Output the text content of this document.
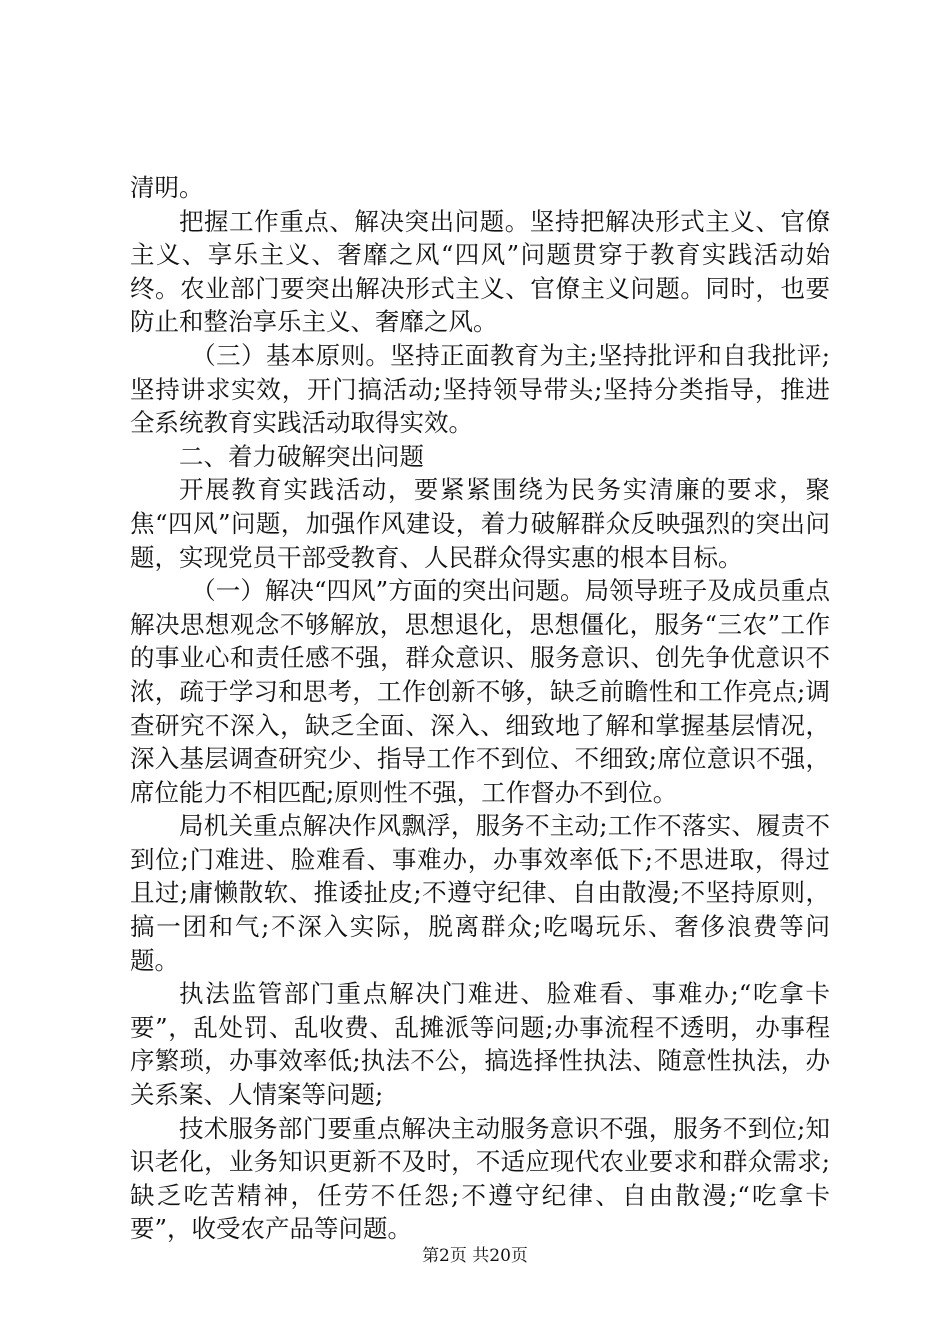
清明。

把握工作重点、解决突出问题。坚持把解决形式主义、官僚主义、享乐主义、奢靡之风“四风”问题贯穿于教育实践活动始终。农业部门要突出解决形式主义、官僚主义问题。同时，也要防止和整治享乐主义、奢靡之风。

（三）基本原则。坚持正面教育为主;坚持批评和自我批评;坚持讲求实效，开门搞活动;坚持领导带头;坚持分类指导，推进全系统教育实践活动取得实效。

二、着力破解突出问题

开展教育实践活动，要紧紧围绕为民务实清廉的要求，聚焦“四风”问题，加强作风建设，着力破解群众反映强烈的突出问题，实现党员干部受教育、人民群众得实惠的根本目标。

（一）解决“四风”方面的突出问题。局领导班子及成员重点解决思想观念不够解放，思想退化，思想僵化，服务“三农”工作的事业心和责任感不强，群众意识、服务意识、创先争优意识不浓，疏于学习和思考，工作创新不够，缺乏前瞻性和工作亮点;调查研究不深入，缺乏全面、深入、细致地了解和掌握基层情况，深入基层调查研究少、指导工作不到位、不细致;席位意识不强，席位能力不相匹配;原则性不强，工作督办不到位。

局机关重点解决作风飘浮，服务不主动;工作不落实、履责不到位;门难进、脸难看、事难办，办事效率低下;不思进取，得过且过;庸懒散软、推诿扯皮;不遵守纪律、自由散漫;不坚持原则，搞一团和气;不深入实际，脱离群众;吃喝玩乐、奢侈浪费等问题。

执法监管部门重点解决门难进、脸难看、事难办;“吃拿卡要”，乱处罚、乱收费、乱摊派等问题;办事流程不透明，办事程序繁琐，办事效率低;执法不公，搞选择性执法、随意性执法，办关系案、人情案等问题;

技术服务部门要重点解决主动服务意识不强，服务不到位;知识老化，业务知识更新不及时，不适应现代农业要求和群众需求;缺乏吃苦精神，任劳不任怨;不遵守纪律、自由散漫;“吃拿卡要”，收受农产品等问题。

第2页 共20页
